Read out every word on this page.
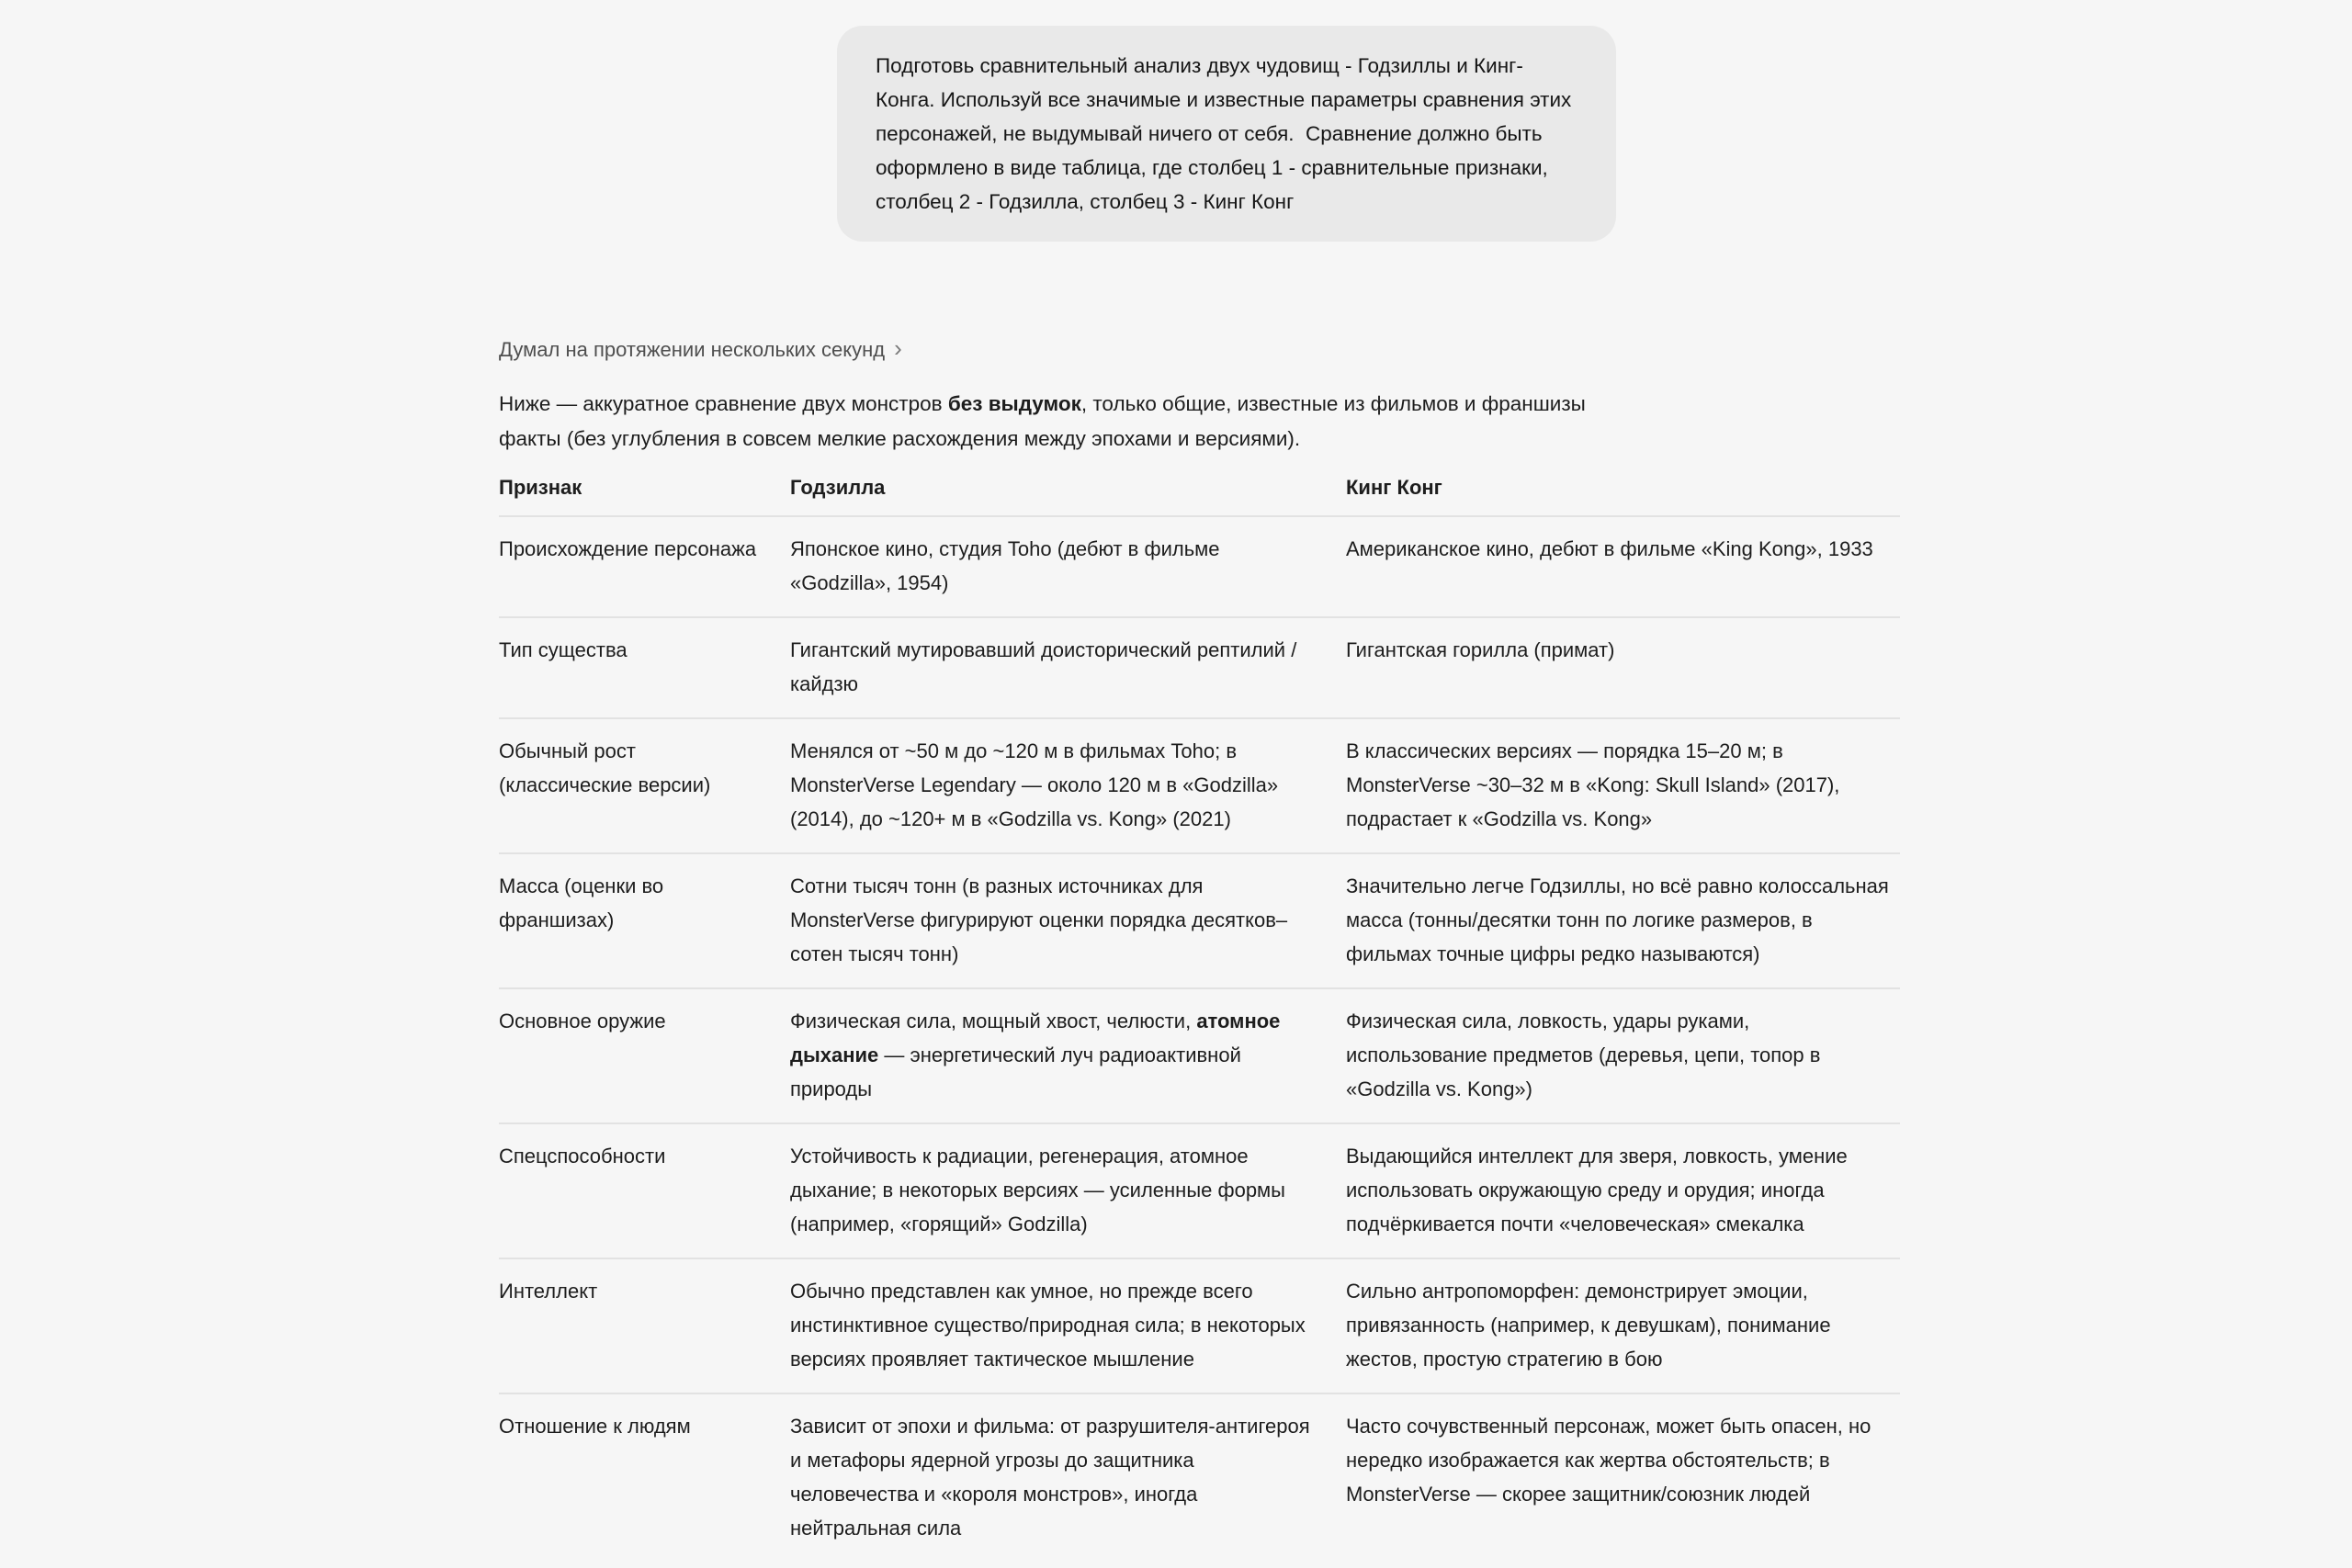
Подготовь сравнительный анализ двух чудовищ - Годзиллы и Кинг-Конга. Используй все значимые и известные параметры сравнения этих персонажей, не выдумывай ничего от себя.  Сравнение должно быть оформлено в виде таблица, где столбец 1 - сравнительные признаки, столбец 2 - Годзилла, столбец 3 - Кинг Конг
Думал на протяжении нескольких секунд ›
Ниже — аккуратное сравнение двух монстров без выдумок, только общие, известные из фильмов и франшизы факты (без углубления в совсем мелкие расхождения между эпохами и версиями).
Признак	Годзилла	Кинг Конг
Происхождение персонажа	Японское кино, студия Toho (дебют в фильме «Godzilla», 1954)	Американское кино, дебют в фильме «King Kong», 1933
Тип существа	Гигантский мутировавший доисторический рептилий / кайдзю	Гигантская горилла (примат)
Обычный рост (классические версии)	Менялся от ~50 м до ~120 м в фильмах Toho; в MonsterVerse Legendary — около 120 м в «Godzilla» (2014), до ~120+ м в «Godzilla vs. Kong» (2021)	В классических версиях — порядка 15–20 м; в MonsterVerse ~30–32 м в «Kong: Skull Island» (2017), подрастает к «Godzilla vs. Kong»
Масса (оценки во франшизах)	Сотни тысяч тонн (в разных источниках для MonsterVerse фигурируют оценки порядка десятков–сотен тысяч тонн)	Значительно легче Годзиллы, но всё равно колоссальная масса (тонны/десятки тонн по логике размеров, в фильмах точные цифры редко называются)
Основное оружие	Физическая сила, мощный хвост, челюсти, атомное дыхание — энергетический луч радиоактивной природы	Физическая сила, ловкость, удары руками, использование предметов (деревья, цепи, топор в «Godzilla vs. Kong»)
Спецспособности	Устойчивость к радиации, регенерация, атомное дыхание; в некоторых версиях — усиленные формы (например, «горящий» Godzilla)	Выдающийся интеллект для зверя, ловкость, умение использовать окружающую среду и орудия; иногда подчёркивается почти «человеческая» смекалка
Интеллект	Обычно представлен как умное, но прежде всего инстинктивное существо/природная сила; в некоторых версиях проявляет тактическое мышление	Сильно антропоморфен: демонстрирует эмоции, привязанность (например, к девушкам), понимание жестов, простую стратегию в бою
Отношение к людям	Зависит от эпохи и фильма: от разрушителя-антигероя и метафоры ядерной угрозы до защитника человечества и «короля монстров», иногда нейтральная сила	Часто сочувственный персонаж, может быть опасен, но нередко изображается как жертва обстоятельств; в MonsterVerse — скорее защитник/союзник людей
